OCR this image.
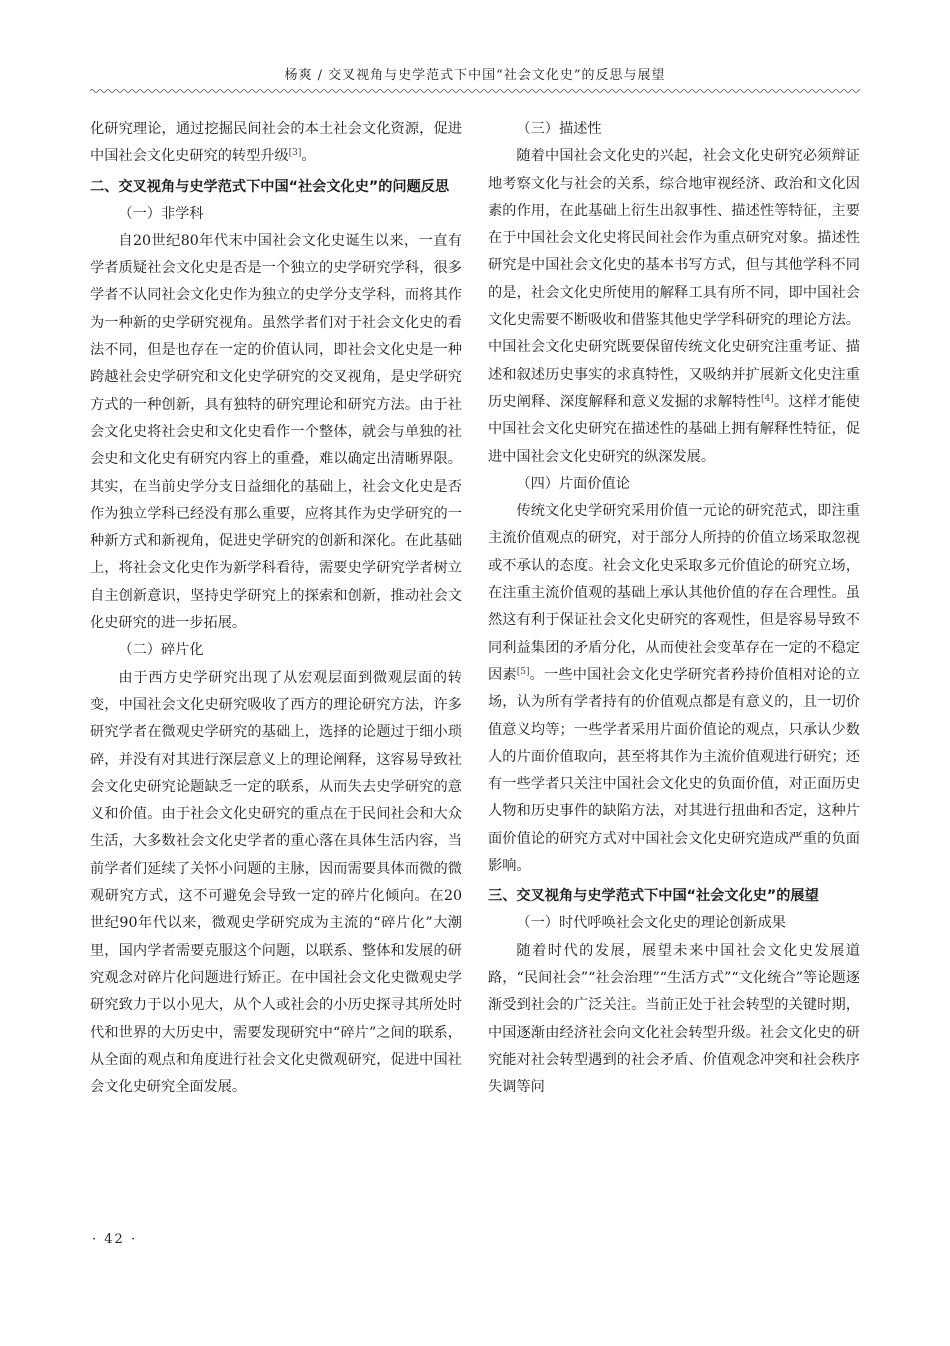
杨爽 / 交叉视角与史学范式下中国“社会文化史”的反思与展望

化研究理论，通过挖掘民间社会的本土社会文化资源，促进中国社会文化史研究的转型升级[3]。

二、交叉视角与史学范式下中国“社会文化史”的问题反思

（一）非学科

自20世纪80年代末中国社会文化史诞生以来，一直有学者质疑社会文化史是否是一个独立的史学研究学科，很多学者不认同社会文化史作为独立的史学分支学科，而将其作为一种新的史学研究视角。虽然学者们对于社会文化史的看法不同，但是也存在一定的价值认同，即社会文化史是一种跨越社会史学研究和文化史学研究的交叉视角，是史学研究方式的一种创新，具有独特的研究理论和研究方法。由于社会文化史将社会史和文化史看作一个整体，就会与单独的社会史和文化史有研究内容上的重叠，难以确定出清晰界限。其实，在当前史学分支日益细化的基础上，社会文化史是否作为独立学科已经没有那么重要，应将其作为史学研究的一种新方式和新视角，促进史学研究的创新和深化。在此基础上，将社会文化史作为新学科看待，需要史学研究学者树立自主创新意识，坚持史学研究上的探索和创新，推动社会文化史研究的进一步拓展。

（二）碎片化

由于西方史学研究出现了从宏观层面到微观层面的转变，中国社会文化史研究吸收了西方的理论研究方法，许多研究学者在微观史学研究的基础上，选择的论题过于细小琐碎，并没有对其进行深层意义上的理论阐释，这容易导致社会文化史研究论题缺乏一定的联系，从而失去史学研究的意义和价值。由于社会文化史研究的重点在于民间社会和大众生活，大多数社会文化史学者的重心落在具体生活内容，当前学者们延续了关怀小问题的主脉，因而需要具体而微的微观研究方式，这不可避免会导致一定的碎片化倾向。在20世纪90年代以来，微观史学研究成为主流的“碎片化”大潮里，国内学者需要克服这个问题，以联系、整体和发展的研究观念对碎片化问题进行矫正。在中国社会文化史微观史学研究致力于以小见大，从个人或社会的小历史探寻其所处时代和世界的大历史中，需要发现研究中“碎片”之间的联系，从全面的观点和角度进行社会文化史微观研究，促进中国社会文化史研究全面发展。

（三）描述性

随着中国社会文化史的兴起，社会文化史研究必须辩证地考察文化与社会的关系，综合地审视经济、政治和文化因素的作用，在此基础上衍生出叙事性、描述性等特征，主要在于中国社会文化史将民间社会作为重点研究对象。描述性研究是中国社会文化史的基本书写方式，但与其他学科不同的是，社会文化史所使用的解释工具有所不同，即中国社会文化史需要不断吸收和借鉴其他史学学科研究的理论方法。中国社会文化史研究既要保留传统文化史研究注重考证、描述和叙述历史事实的求真特性，又吸纳并扩展新文化史注重历史阐释、深度解释和意义发掘的求解特性[4]。这样才能使中国社会文化史研究在描述性的基础上拥有解释性特征，促进中国社会文化史研究的纵深发展。

（四）片面价值论

传统文化史学研究采用价值一元论的研究范式，即注重主流价值观点的研究，对于部分人所持的价值立场采取忽视或不承认的态度。社会文化史采取多元价值论的研究立场，在注重主流价值观的基础上承认其他价值的存在合理性。虽然这有利于保证社会文化史研究的客观性，但是容易导致不同利益集团的矛盾分化，从而使社会变革存在一定的不稳定因素[5]。一些中国社会文化史学研究者矜持价值相对论的立场，认为所有学者持有的价值观点都是有意义的，且一切价值意义均等；一些学者采用片面价值论的观点，只承认少数人的片面价值取向，甚至将其作为主流价值观进行研究；还有一些学者只关注中国社会文化史的负面价值，对正面历史人物和历史事件的缺陷方法，对其进行扭曲和否定，这种片面价值论的研究方式对中国社会文化史研究造成严重的负面影响。

三、交叉视角与史学范式下中国“社会文化史”的展望

（一）时代呼唤社会文化史的理论创新成果

随着时代的发展，展望未来中国社会文化史发展道路，“民间社会”“社会治理”“生活方式”“文化统合”等论题逐渐受到社会的广泛关注。当前正处于社会转型的关键时期，中国逐渐由经济社会向文化社会转型升级。社会文化史的研究能对社会转型遇到的社会矛盾、价值观念冲突和社会秩序失调等问

· 42 ·
